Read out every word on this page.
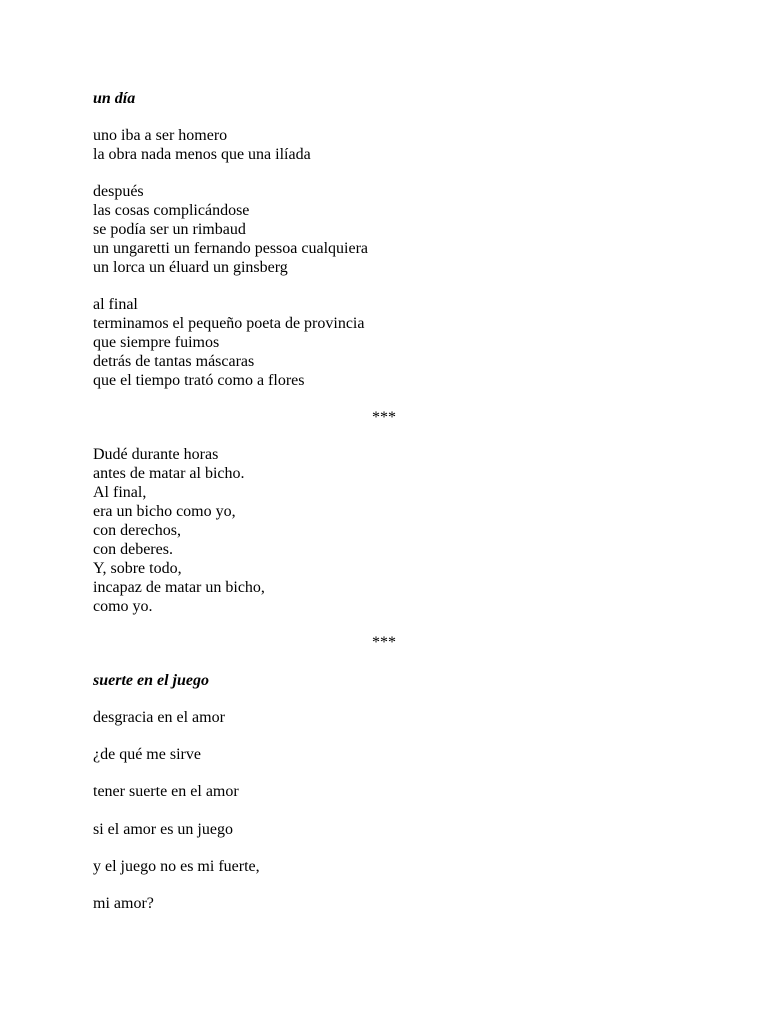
un día
uno iba a ser homero
la obra nada menos que una ilíada
después
las cosas complicándose
se podía ser un rimbaud
un ungaretti un fernando pessoa cualquiera
un lorca un éluard un ginsberg
al final
terminamos el pequeño poeta de provincia
que siempre fuimos
detrás de tantas máscaras
que el tiempo trató como a flores
***
Dudé durante horas
antes de matar al bicho.
Al final,
era un bicho como yo,
con derechos,
con deberes.
Y, sobre todo,
incapaz de matar un bicho,
como yo.
***
suerte en el juego
desgracia en el amor
¿de qué me sirve
tener suerte en el amor
si el amor es un juego
y el juego no es mi fuerte,
mi amor?
